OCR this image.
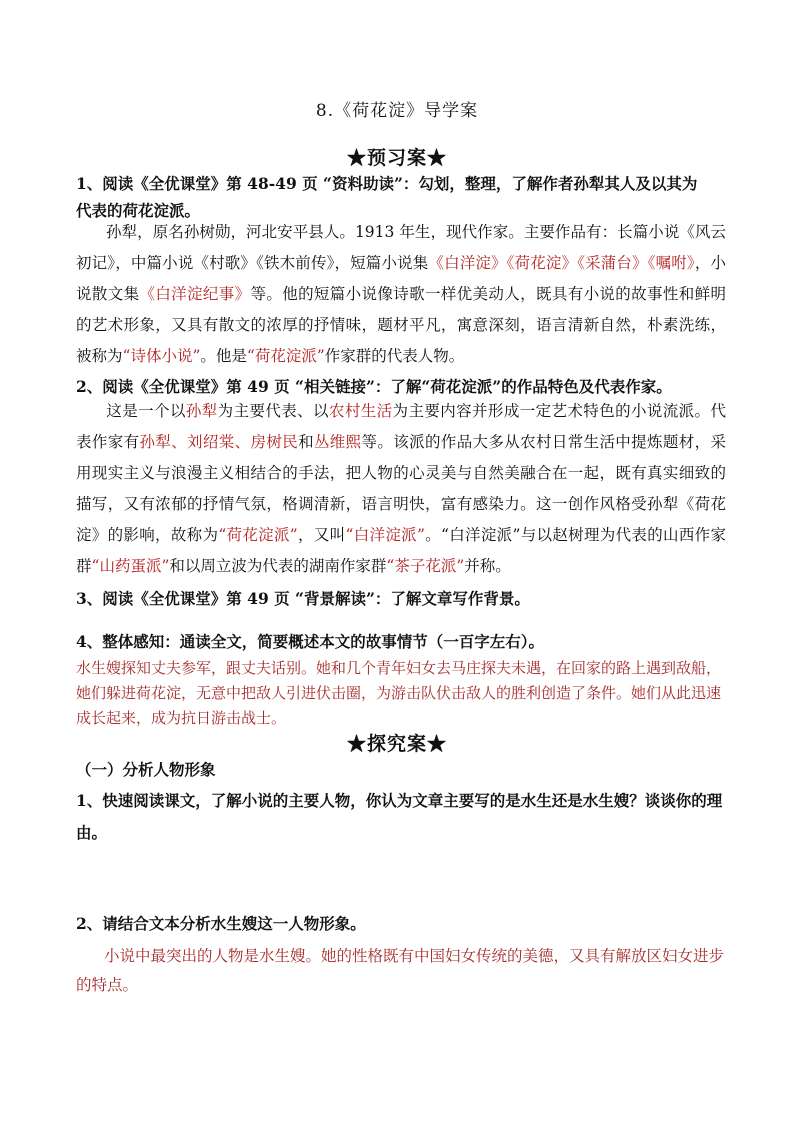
8.《荷花淀》导学案
★预习案★
1、阅读《全优课堂》第 48-49 页 “资料助读”：勾划，整理，了解作者孙犁其人及以其为
代表的荷花淀派。
孙犁，原名孙树勋，河北安平县人。1913 年生，现代作家。主要作品有：长篇小说《风云初记》，中篇小说《村歌》《铁木前传》，短篇小说集《白洋淀》《荷花淀》《采蒲台》《嘱咐》，小说散文集《白洋淀纪事》等。他的短篇小说像诗歌一样优美动人，既具有小说的故事性和鲜明的艺术形象，又具有散文的浓厚的抒情味，题材平凡，寓意深刻，语言清新自然，朴素洗练，被称为“诗体小说”。他是“荷花淀派”作家群的代表人物。
2、阅读《全优课堂》第 49 页 “相关链接”：了解“荷花淀派”的作品特色及代表作家。
这是一个以孙犁为主要代表、以农村生活为主要内容并形成一定艺术特色的小说流派。代表作家有孙犁、刘绍棠、房树民和丛维熙等。该派的作品大多从农村日常生活中提炼题材，采用现实主义与浪漫主义相结合的手法，把人物的心灵美与自然美融合在一起，既有真实细致的描写，又有浓郁的抒情气氛，格调清新，语言明快，富有感染力。这一创作风格受孙犁《荷花淀》的影响，故称为“荷花淀派”，又叫“白洋淀派”。“白洋淀派”与以赵树理为代表的山西作家群“山药蛋派”和以周立波为代表的湖南作家群“茶子花派”并称。
3、阅读《全优课堂》第 49 页 “背景解读”：了解文章写作背景。
4、整体感知：通读全文，简要概述本文的故事情节（一百字左右）。
水生嫂探知丈夫参军，跟丈夫话别。她和几个青年妇女去马庄探夫未遇，在回家的路上遇到敌船，她们躲进荷花淀，无意中把敌人引进伏击圈，为游击队伏击敌人的胜利创造了条件。她们从此迅速成长起来，成为抗日游击战士。
★探究案★
（一）分析人物形象
1、快速阅读课文，了解小说的主要人物，你认为文章主要写的是水生还是水生嫂？谈谈你的理由。
2、请结合文本分析水生嫂这一人物形象。
小说中最突出的人物是水生嫂。她的性格既有中国妇女传统的美德，又具有解放区妇女进步的特点。
